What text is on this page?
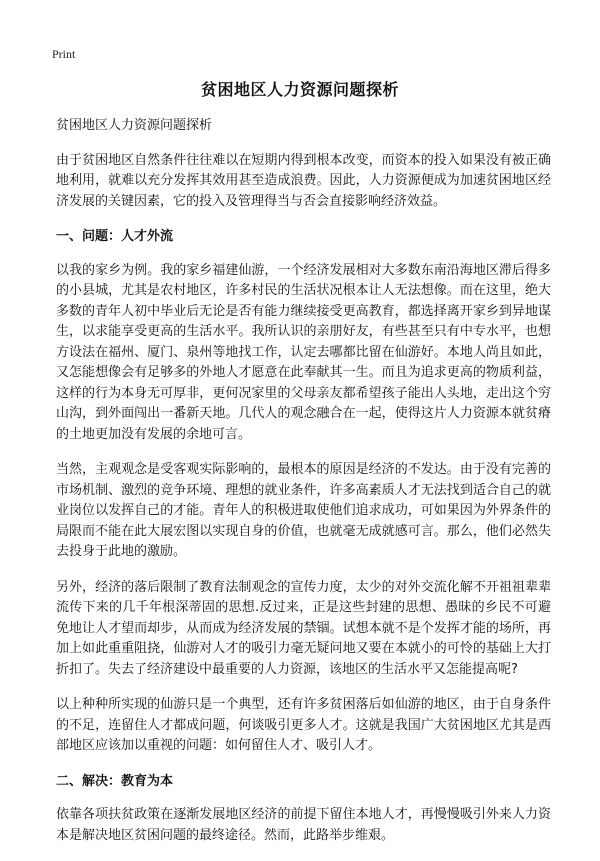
Print
贫困地区人力资源问题探析

贫困地区人力资源问题探析

由于贫困地区自然条件往往难以在短期内得到根本改变，而资本的投入如果没有被正确地利用，就难以充分发挥其效用甚至造成浪费。因此，人力资源便成为加速贫困地区经济发展的关键因素，它的投入及管理得当与否会直接影响经济效益。

一、问题：人才外流

以我的家乡为例。我的家乡福建仙游，一个经济发展相对大多数东南沿海地区滞后得多的小县城，尤其是农村地区，许多村民的生活状况根本让人无法想像。而在这里，绝大多数的青年人初中毕业后无论是否有能力继续接受更高教育，都选择离开家乡到异地谋生，以求能享受更高的生活水平。我所认识的亲朋好友，有些甚至只有中专水平，也想方设法在福州、厦门、泉州等地找工作，认定去哪都比留在仙游好。本地人尚且如此，又怎能想像会有足够多的外地人才愿意在此奉献其一生。而且为追求更高的物质利益，这样的行为本身无可厚非，更何况家里的父母亲友都希望孩子能出人头地，走出这个穷山沟，到外面闯出一番新天地。几代人的观念融合在一起，使得这片人力资源本就贫瘠的土地更加没有发展的余地可言。

当然，主观观念是受客观实际影响的，最根本的原因是经济的不发达。由于没有完善的市场机制、激烈的竞争环境、理想的就业条件，许多高素质人才无法找到适合自己的就业岗位以发挥自己的才能。青年人的积极进取使他们追求成功，可如果因为外界条件的局限而不能在此大展宏图以实现自身的价值，也就毫无成就感可言。那么，他们必然失去投身于此地的激励。

另外，经济的落后限制了教育法制观念的宣传力度，太少的对外交流化解不开祖祖辈辈流传下来的几千年根深蒂固的思想.反过来，正是这些封建的思想、愚昧的乡民不可避免地让人才望而却步，从而成为经济发展的禁锢。试想本就不是个发挥才能的场所，再加上如此重重阻挠，仙游对人才的吸引力毫无疑问地又要在本就小的可怜的基础上大打折扣了。失去了经济建设中最重要的人力资源，该地区的生活水平又怎能提高呢?

以上种种所实现的仙游只是一个典型，还有许多贫困落后如仙游的地区，由于自身条件的不足，连留住人才都成问题，何谈吸引更多人才。这就是我国广大贫困地区尤其是西部地区应该加以重视的问题：如何留住人才、吸引人才。

二、解决：教育为本

依靠各项扶贫政策在逐渐发展地区经济的前提下留住本地人才，再慢慢吸引外来人力资本是解决地区贫困问题的最终途径。然而，此路举步维艰。
